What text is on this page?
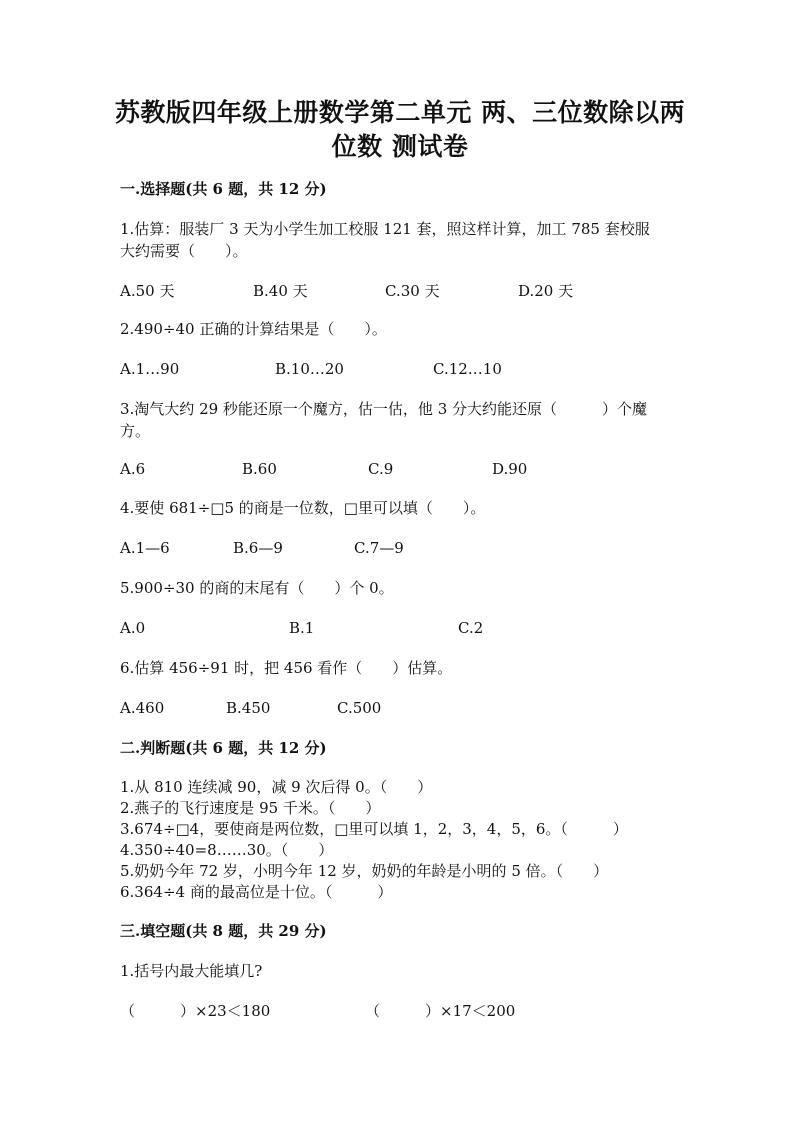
苏教版四年级上册数学第二单元 两、三位数除以两
位数 测试卷
一.选择题(共 6 题，共 12 分)
1.估算：服装厂 3 天为小学生加工校服 121 套，照这样计算，加工 785 套校服
大约需要（　　）。
A.50 天	B.40 天	C.30 天	D.20 天
2.490÷40 正确的计算结果是（　　）。
A.1…90	B.10…20	C.12…10
3.淘气大约 29 秒能还原一个魔方，估一估，他 3 分大约能还原（　　　）个魔
方。
A.6	B.60	C.9	D.90
4.要使 681÷□5 的商是一位数，□里可以填（　　）。
A.1—6	B.6—9	C.7—9
5.900÷30 的商的末尾有（　　）个 0。
A.0	B.1	C.2
6.估算 456÷91 时，把 456 看作（　　）估算。
A.460	B.450	C.500
二.判断题(共 6 题，共 12 分)
1.从 810 连续减 90，减 9 次后得 0。（　　）
2.燕子的飞行速度是 95 千米。（　　）
3.674÷□4，要使商是两位数，□里可以填 1，2，3，4，5，6。（　　　）
4.350÷40=8……30。（　　）
5.奶奶今年 72 岁，小明今年 12 岁，奶奶的年龄是小明的 5 倍。（　　）
6.364÷4 商的最高位是十位。（　　　）
三.填空题(共 8 题，共 29 分)
1.括号内最大能填几?
（　　　）×23＜180	（　　　）×17＜200
